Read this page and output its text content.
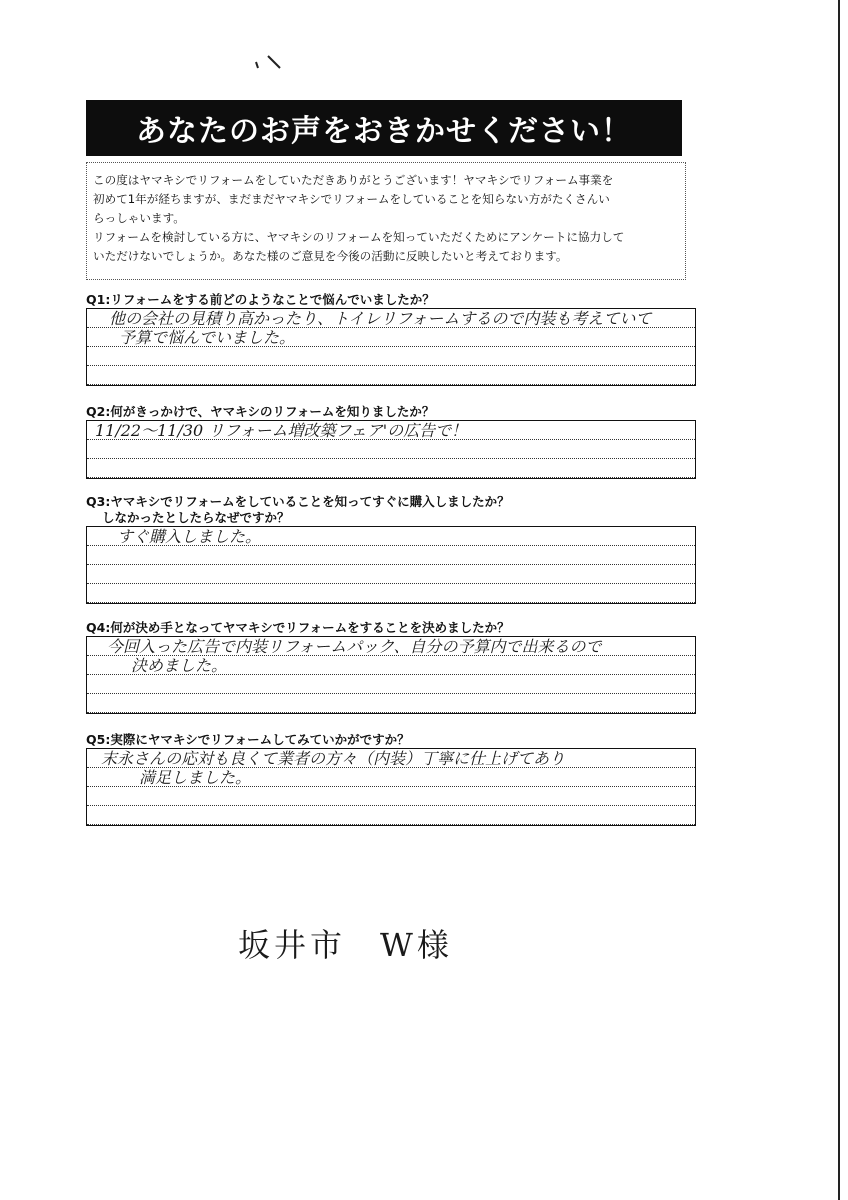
あなたのお声をおきかせください！

この度はヤマキシでリフォームをしていただきありがとうございます！ヤマキシでリフォーム事業を

初めて1年が経ちますが、まだまだヤマキシでリフォームをしていることを知らない方がたくさんい

らっしゃいます。

リフォームを検討している方に、ヤマキシのリフォームを知っていただくためにアンケートに協力して

いただけないでしょうか。あなた様のご意見を今後の活動に反映したいと考えております。

Q1:リフォームをする前どのようなことで悩んでいましたか？
他の会社の見積り高かったり、トイレリフォームするので内装も考えていて
予算で悩んでいました。
Q2:何がきっかけで、ヤマキシのリフォームを知りましたか？
11/22〜11/30 リフォーム増改築フェア'の広告で！
Q3:ヤマキシでリフォームをしていることを知ってすぐに購入しましたか？
しなかったとしたらなぜですか？
すぐ購入しました。
Q4:何が決め手となってヤマキシでリフォームをすることを決めましたか？
今回入った広告で内装リフォームパック、自分の予算内で出来るので
決めました。
Q5:実際にヤマキシでリフォームしてみていかがですか？
末永さんの応対も良くて業者の方々（内装）丁寧に仕上げてあり
満足しました。
坂井市 W様
